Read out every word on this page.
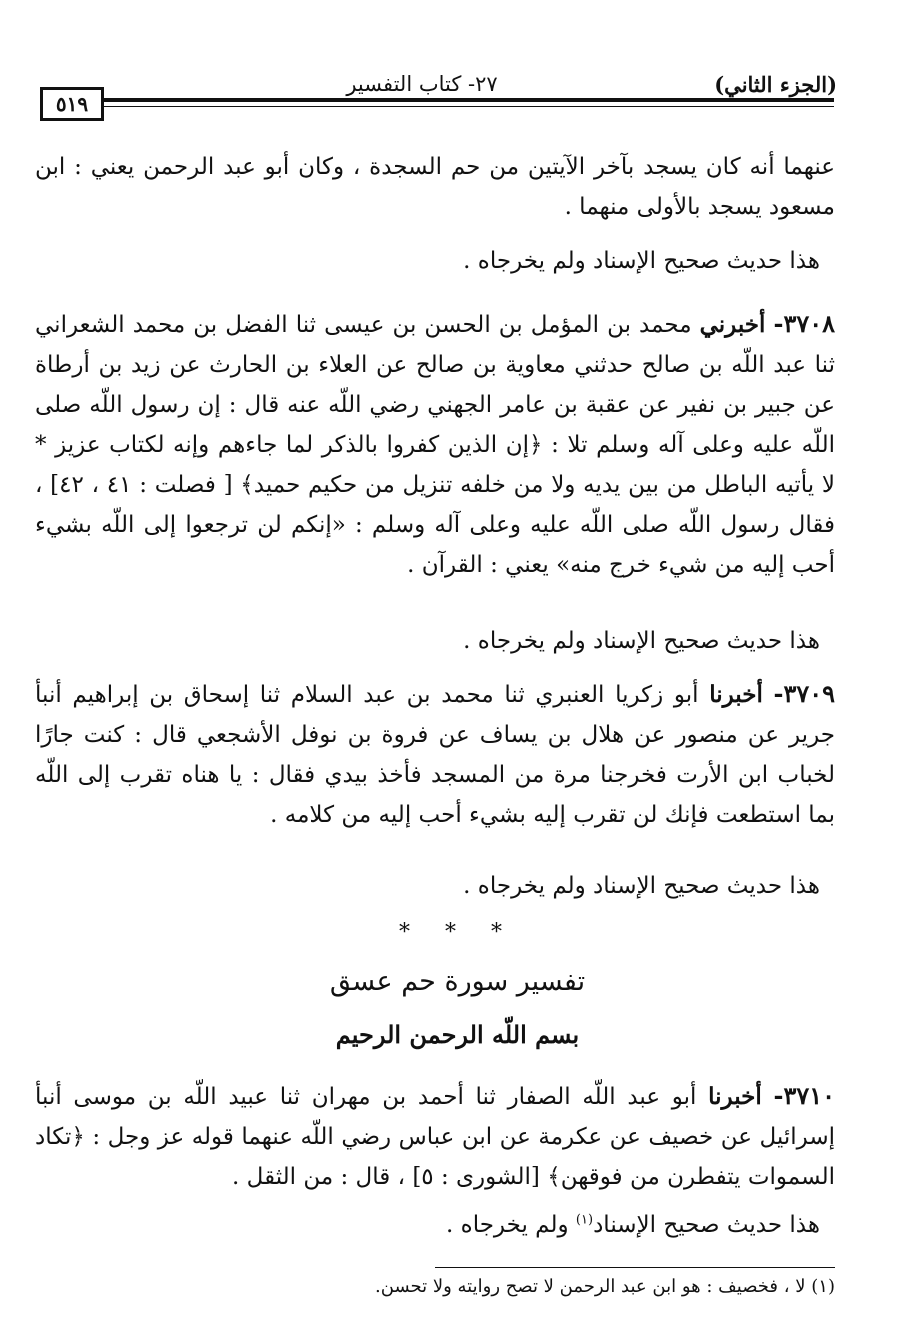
(الجزء الثاني)
٢٧- كتاب التفسير
٥١٩
عنهما أنه كان يسجد بآخر الآيتين من حم السجدة ، وكان أبو عبد الرحمن يعني : ابن مسعود يسجد بالأولى منهما .
هذا حديث صحيح الإسناد ولم يخرجاه .
٣٧٠٨- أخبرني محمد بن المؤمل بن الحسن بن عيسى ثنا الفضل بن محمد الشعراني ثنا عبد اللّه بن صالح حدثني معاوية بن صالح عن العلاء بن الحارث عن زيد بن أرطاة عن جبير بن نفير عن عقبة بن عامر الجهني رضي اللّه عنه قال : إن رسول اللّه صلى اللّه عليه وعلى آله وسلم تلا : ﴿إن الذين كفروا بالذكر لما جاءهم وإنه لكتاب عزيز * لا يأتيه الباطل من بين يديه ولا من خلفه تنزيل من حكيم حميد﴾ [ فصلت : ٤١ ، ٤٢] ، فقال رسول اللّه صلى اللّه عليه وعلى آله وسلم : «إنكم لن ترجعوا إلى اللّه بشيء أحب إليه من شيء خرج منه» يعني : القرآن .
هذا حديث صحيح الإسناد ولم يخرجاه .
٣٧٠٩- أخبرنا أبو زكريا العنبري ثنا محمد بن عبد السلام ثنا إسحاق بن إبراهيم أنبأ جرير عن منصور عن هلال بن يساف عن فروة بن نوفل الأشجعي قال : كنت جارًا لخباب ابن الأرت فخرجنا مرة من المسجد فأخذ بيدي فقال : يا هناه تقرب إلى اللّه بما استطعت فإنك لن تقرب إليه بشيء أحب إليه من كلامه .
هذا حديث صحيح الإسناد ولم يخرجاه .
* * *
تفسير سورة حم عسق
بسم اللّه الرحمن الرحيم
٣٧١٠- أخبرنا أبو عبد اللّه الصفار ثنا أحمد بن مهران ثنا عبيد اللّه بن موسى أنبأ إسرائيل عن خصيف عن عكرمة عن ابن عباس رضي اللّه عنهما قوله عز وجل : ﴿تكاد السموات يتفطرن من فوقهن﴾ [الشورى : ٥] ، قال : من الثقل .
هذا حديث صحيح الإسناد$^{(١)}$ ولم يخرجاه .
(١) لا ، فخصيف : هو ابن عبد الرحمن لا تصح روايته ولا تحسن.
